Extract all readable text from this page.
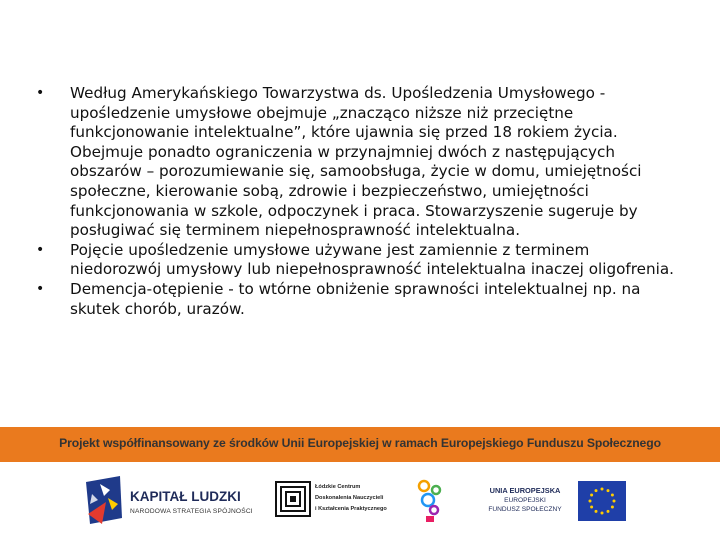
• Według Amerykańskiego Towarzystwa ds. Upośledzenia Umysłowego - upośledzenie umysłowe obejmuje „znacząco niższe niż przeciętne funkcjonowanie intelektualne”, które ujawnia się przed 18 rokiem życia. Obejmuje ponadto ograniczenia w przynajmniej dwóch z następujących obszarów – porozumiewanie się, samoobsługa, życie w domu, umiejętności społeczne, kierowanie sobą, zdrowie i bezpieczeństwo, umiejętności funkcjonowania w szkole, odpoczynek i praca. Stowarzyszenie sugeruje by posługiwać się terminem niepełnosprawność intelektualna.
• Pojęcie upośledzenie umysłowe używane jest zamiennie z terminem niedorozwój umysłowy lub niepełnosprawność intelektualna inaczej oligofrenia.
• Demencja-otępienie - to wtórne obniżenie sprawności intelektualnej np. na skutek chorób, urazów.
Projekt współfinansowany ze środków Unii Europejskiej w ramach Europejskiego Funduszu Społecznego
KAPITAŁ LUDZKI
NARODOWA STRATEGIA SPÓJNOŚCI
Łódzkie Centrum
Doskonalenia Nauczycieli
i Kształcenia Praktycznego
UNIA EUROPEJSKA
EUROPEJSKI
FUNDUSZ SPOŁECZNY
